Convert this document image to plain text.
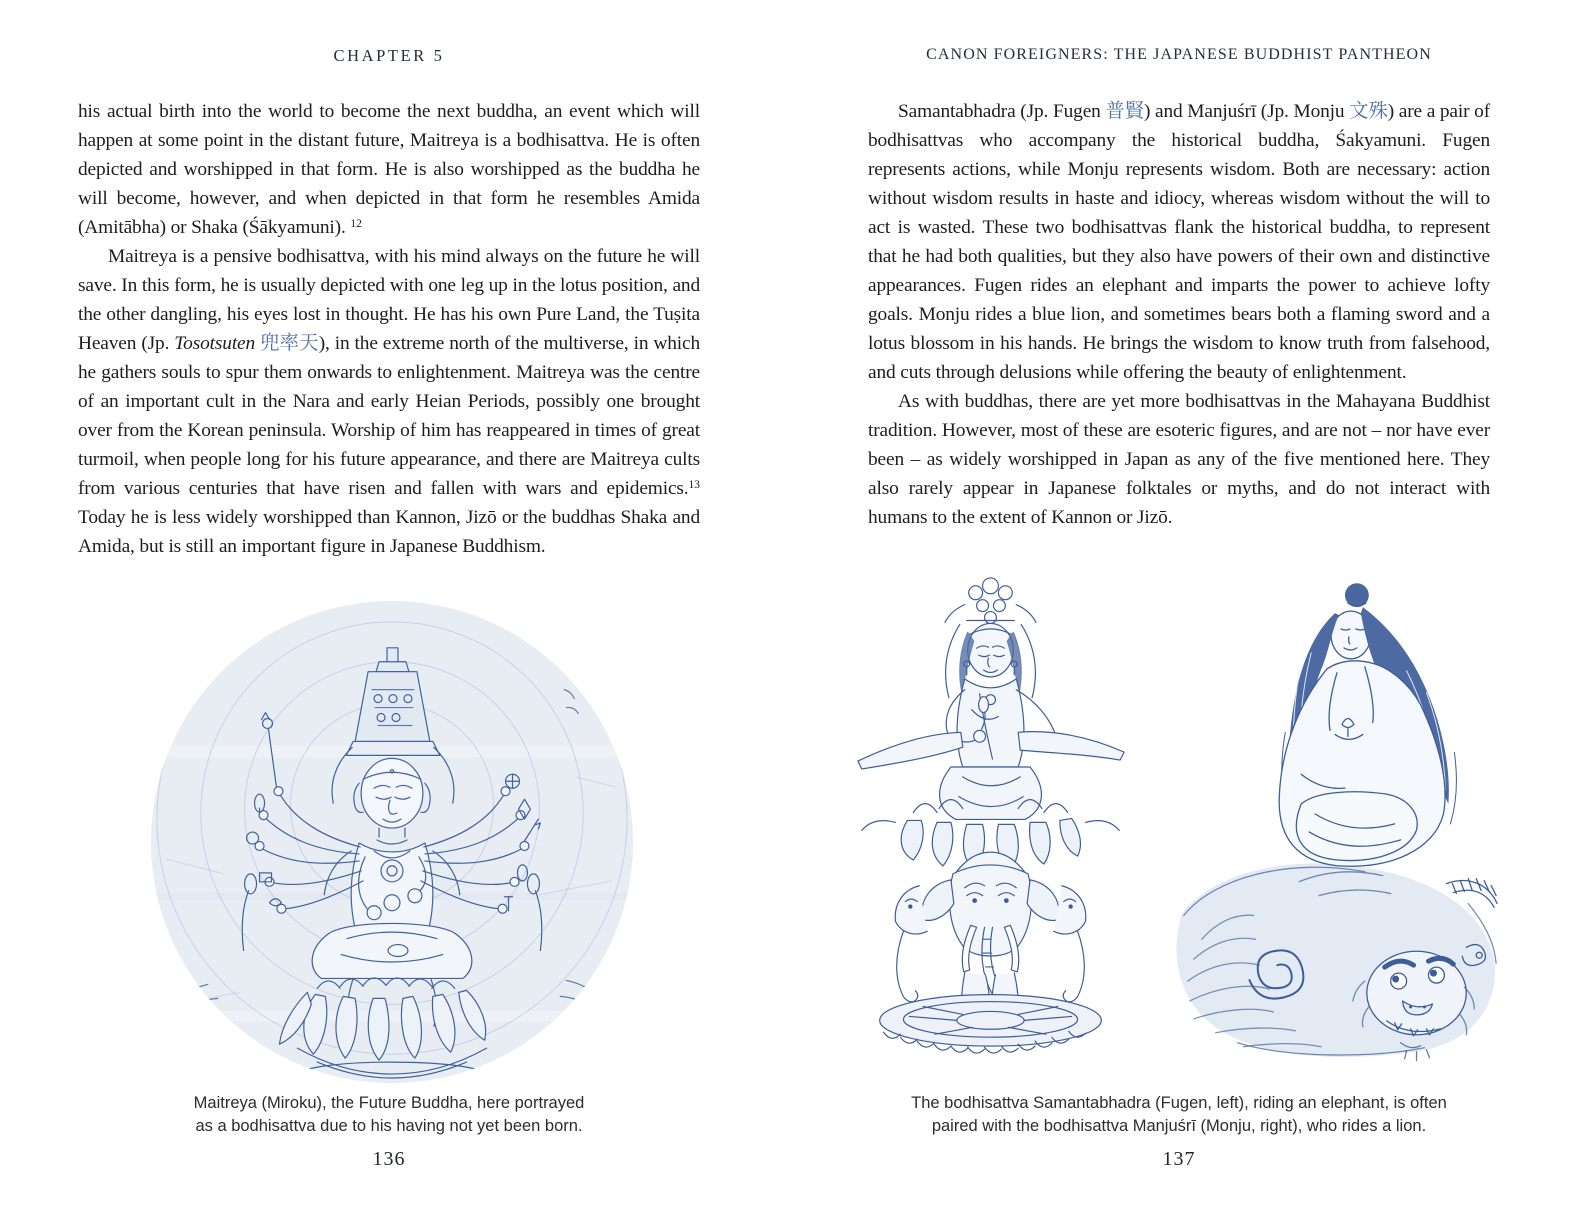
CHAPTER 5

his actual birth into the world to become the next buddha, an event which will happen at some point in the distant future, Maitreya is a bodhisattva. He is often depicted and worshipped in that form. He is also worshipped as the buddha he will become, however, and when depicted in that form he resembles Amida (Amitābha) or Shaka (Śākyamuni). $^{12}$

Maitreya is a pensive bodhisattva, with his mind always on the future he will save. In this form, he is usually depicted with one leg up in the lotus position, and the other dangling, his eyes lost in thought. He has his own Pure Land, the Tuṣita Heaven (Jp. Tosotsuten 兜率天), in the extreme north of the multiverse, in which he gathers souls to spur them onwards to enlightenment. Maitreya was the centre of an important cult in the Nara and early Heian Periods, possibly one brought over from the Korean peninsula. Worship of him has reappeared in times of great turmoil, when people long for his future appearance, and there are Maitreya cults from various centuries that have risen and fallen with wars and epidemics.$^{13}$ Today he is less widely worshipped than Kannon, Jizō or the buddhas Shaka and Amida, but is still an important figure in Japanese Buddhism.

Maitreya (Miroku), the Future Buddha, here portrayed
as a bodhisattva due to his having not yet been born.
136
CANON FOREIGNERS: THE JAPANESE BUDDHIST PANTHEON

Samantabhadra (Jp. Fugen 普賢) and Manjuśrī (Jp. Monju 文殊) are a pair of bodhisattvas who accompany the historical buddha, Śakyamuni. Fugen represents actions, while Monju represents wisdom. Both are necessary: action without wisdom results in haste and idiocy, whereas wisdom without the will to act is wasted. These two bodhisattvas flank the historical buddha, to represent that he had both qualities, but they also have powers of their own and distinctive appearances. Fugen rides an elephant and imparts the power to achieve lofty goals. Monju rides a blue lion, and sometimes bears both a flaming sword and a lotus blossom in his hands. He brings the wisdom to know truth from falsehood, and cuts through delusions while offering the beauty of enlightenment.

As with buddhas, there are yet more bodhisattvas in the Mahayana Buddhist tradition. However, most of these are esoteric figures, and are not – nor have ever been – as widely worshipped in Japan as any of the five mentioned here. They also rarely appear in Japanese folktales or myths, and do not interact with humans to the extent of Kannon or Jizō.

The bodhisattva Samantabhadra (Fugen, left), riding an elephant, is often
paired with the bodhisattva Manjuśrī (Monju, right), who rides a lion.
137
